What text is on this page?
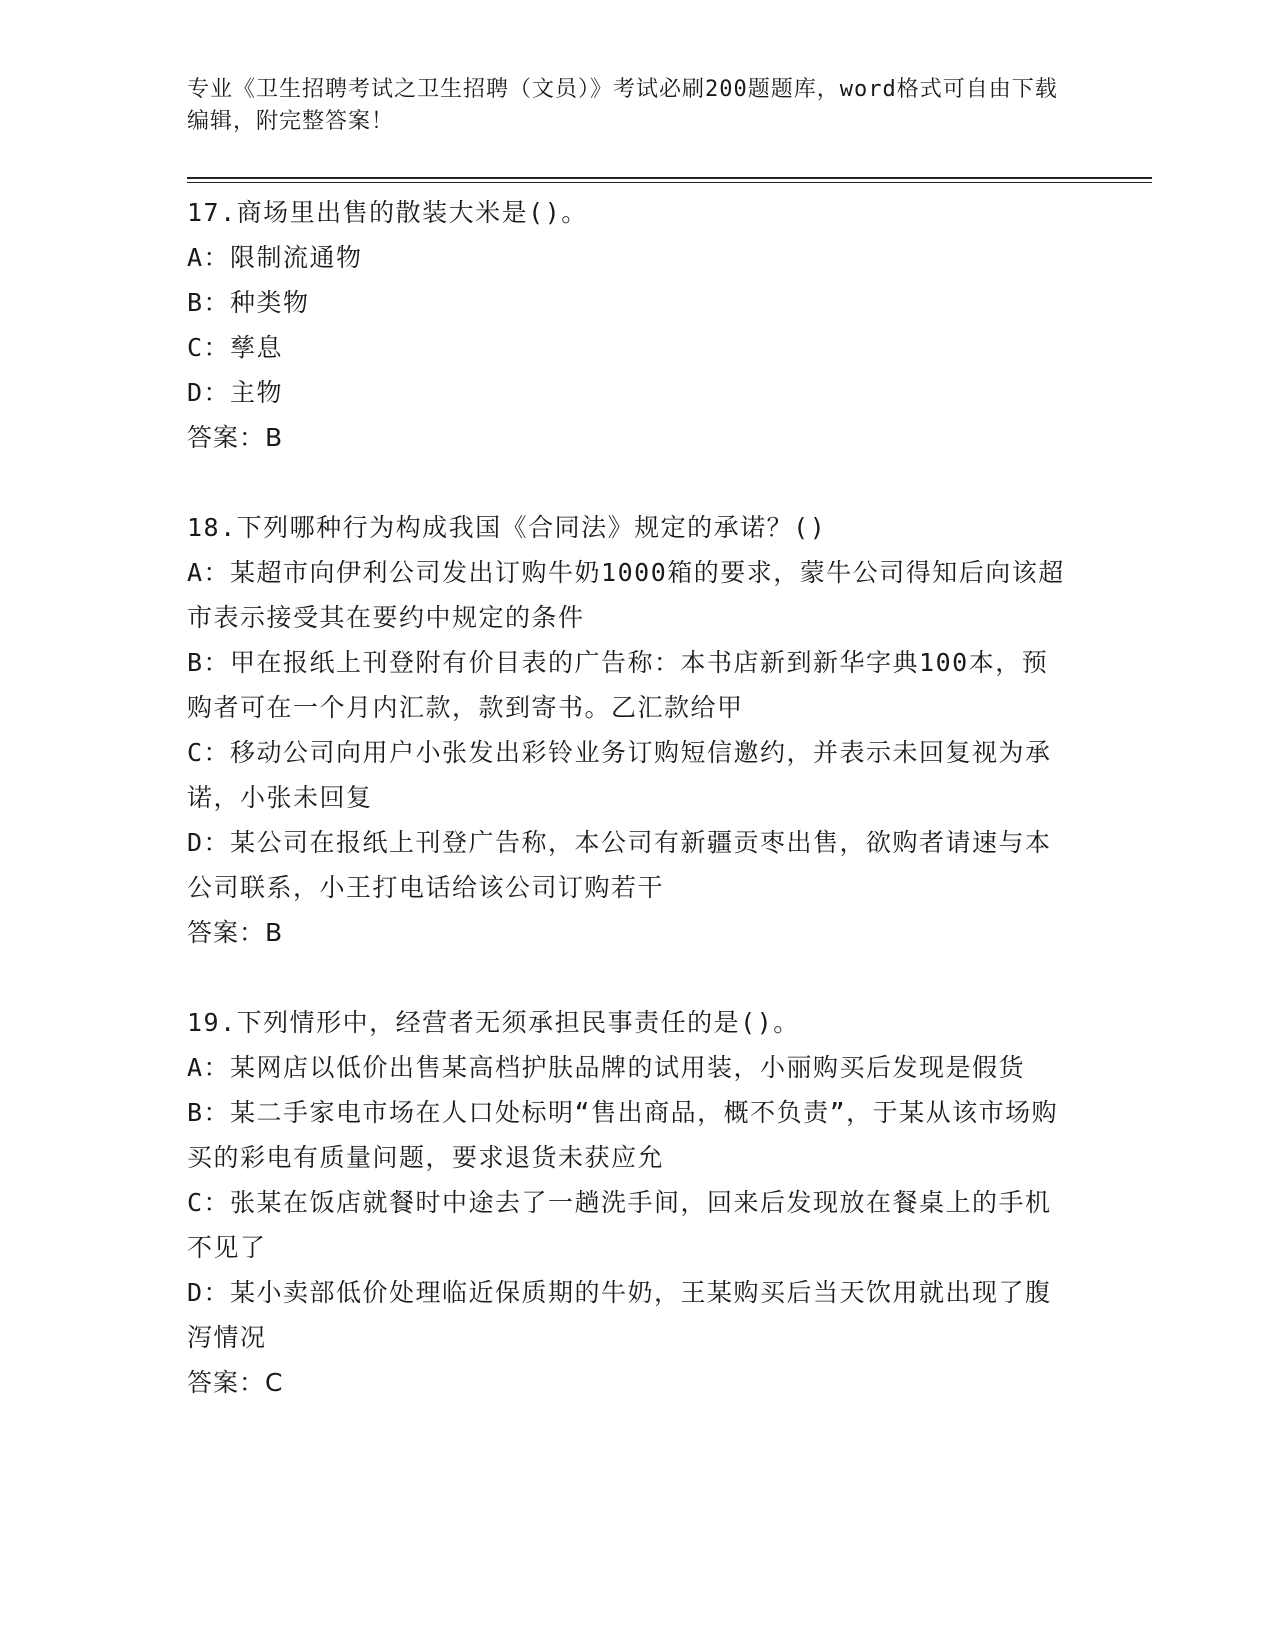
专业《卫生招聘考试之卫生招聘（文员）》考试必刷200题题库，word格式可自由下载编辑，附完整答案！

17.商场里出售的散装大米是()。

A：限制流通物

B：种类物

C：孳息

D：主物

答案：B

18.下列哪种行为构成我国《合同法》规定的承诺？()

A：某超市向伊利公司发出订购牛奶1000箱的要求，蒙牛公司得知后向该超市表示接受其在要约中规定的条件

B：甲在报纸上刊登附有价目表的广告称：本书店新到新华字典100本，预购者可在一个月内汇款，款到寄书。乙汇款给甲

C：移动公司向用户小张发出彩铃业务订购短信邀约，并表示未回复视为承诺，小张未回复

D：某公司在报纸上刊登广告称，本公司有新疆贡枣出售，欲购者请速与本公司联系，小王打电话给该公司订购若干

答案：B

19.下列情形中，经营者无须承担民事责任的是()。

A：某网店以低价出售某高档护肤品牌的试用装，小丽购买后发现是假货

B：某二手家电市场在人口处标明“售出商品，概不负责”，于某从该市场购买的彩电有质量问题，要求退货未获应允

C：张某在饭店就餐时中途去了一趟洗手间，回来后发现放在餐桌上的手机不见了

D：某小卖部低价处理临近保质期的牛奶，王某购买后当天饮用就出现了腹泻情况

答案：C
